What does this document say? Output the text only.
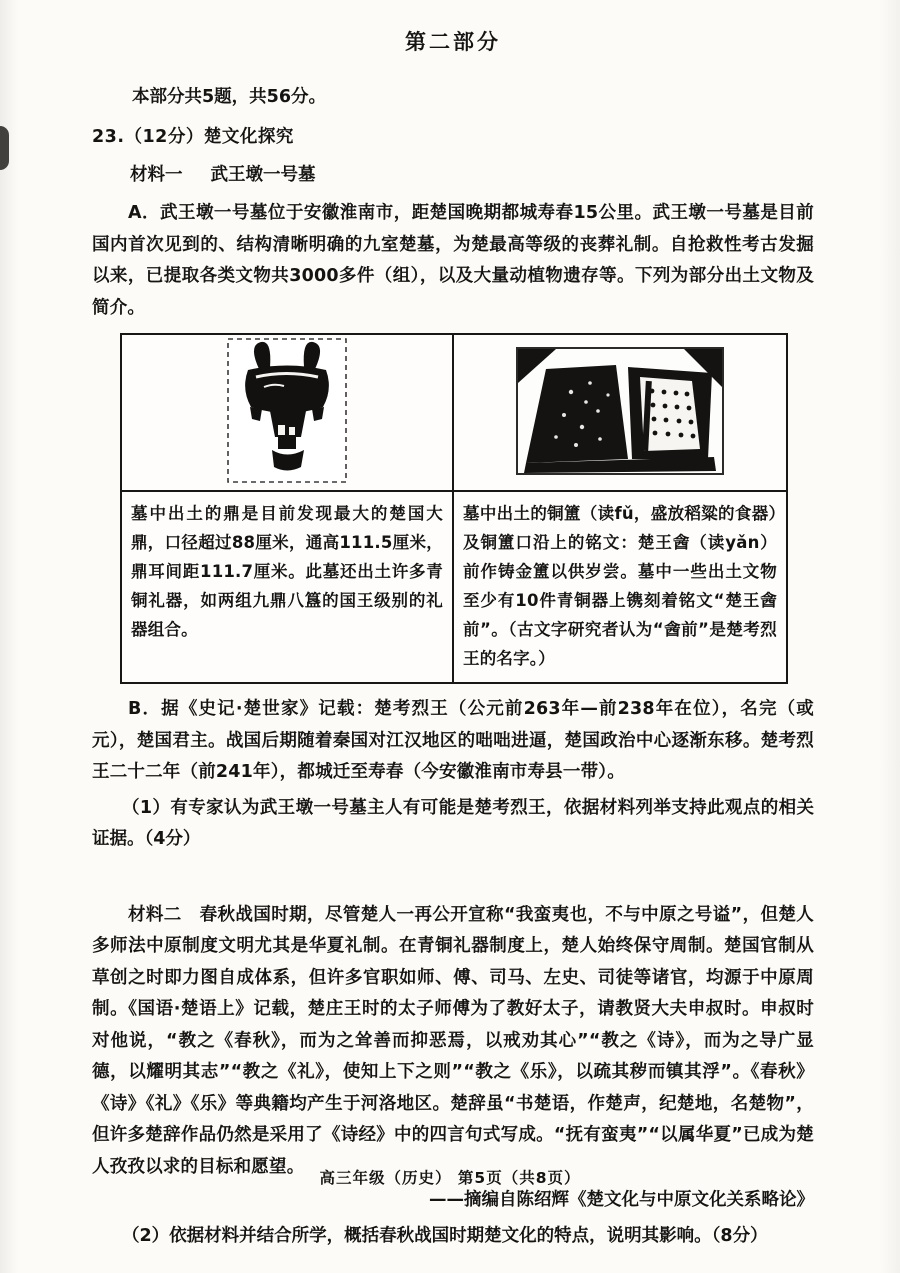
第二部分

本部分共5题，共56分。

23.（12分）楚文化探究

材料一 武王墩一号墓

A．武王墩一号墓位于安徽淮南市，距楚国晚期都城寿春15公里。武王墩一号墓是目前国内首次见到的、结构清晰明确的九室楚墓，为楚最高等级的丧葬礼制。自抢救性考古发掘以来，已提取各类文物共3000多件（组），以及大量动植物遗存等。下列为部分出土文物及简介。

墓中出土的鼎是目前发现最大的楚国大鼎，口径超过88厘米，通高111.5厘米，鼎耳间距111.7厘米。此墓还出土许多青铜礼器，如两组九鼎八簋的国王级别的礼器组合。
墓中出土的铜簠（读fǔ，盛放稻粱的食器）及铜簠口沿上的铭文：楚王酓（读yǎn）前作铸金簠以供岁尝。墓中一些出土文物至少有10件青铜器上镌刻着铭文“楚王酓前”。（古文字研究者认为“酓前”是楚考烈王的名字。）

B．据《史记·楚世家》记载：楚考烈王（公元前263年—前238年在位），名完（或元），楚国君主。战国后期随着秦国对江汉地区的咄咄进逼，楚国政治中心逐渐东移。楚考烈王二十二年（前241年），都城迁至寿春（今安徽淮南市寿县一带）。

（1）有专家认为武王墩一号墓主人有可能是楚考烈王，依据材料列举支持此观点的相关证据。（4分）

材料二　 春秋战国时期，尽管楚人一再公开宣称“我蛮夷也，不与中原之号谥”，但楚人多师法中原制度文明尤其是华夏礼制。在青铜礼器制度上，楚人始终保守周制。楚国官制从草创之时即力图自成体系，但许多官职如师、傅、司马、左史、司徒等诸官，均源于中原周制。《国语·楚语上》记载，楚庄王时的太子师傅为了教好太子，请教贤大夫申叔时。申叔时对他说，“教之《春秋》，而为之耸善而抑恶焉，以戒劝其心”“教之《诗》，而为之导广显德，以耀明其志”“教之《礼》，使知上下之则”“教之《乐》，以疏其秽而镇其浮”。《春秋》《诗》《礼》《乐》等典籍均产生于河洛地区。楚辞虽“书楚语，作楚声，纪楚地，名楚物”，但许多楚辞作品仍然是采用了《诗经》中的四言句式写成。“抚有蛮夷”“以属华夏”已成为楚人孜孜以求的目标和愿望。

——摘编自陈绍辉《楚文化与中原文化关系略论》

（2）依据材料并结合所学，概括春秋战国时期楚文化的特点，说明其影响。（8分）

高三年级（历史） 第5页（共8页）
